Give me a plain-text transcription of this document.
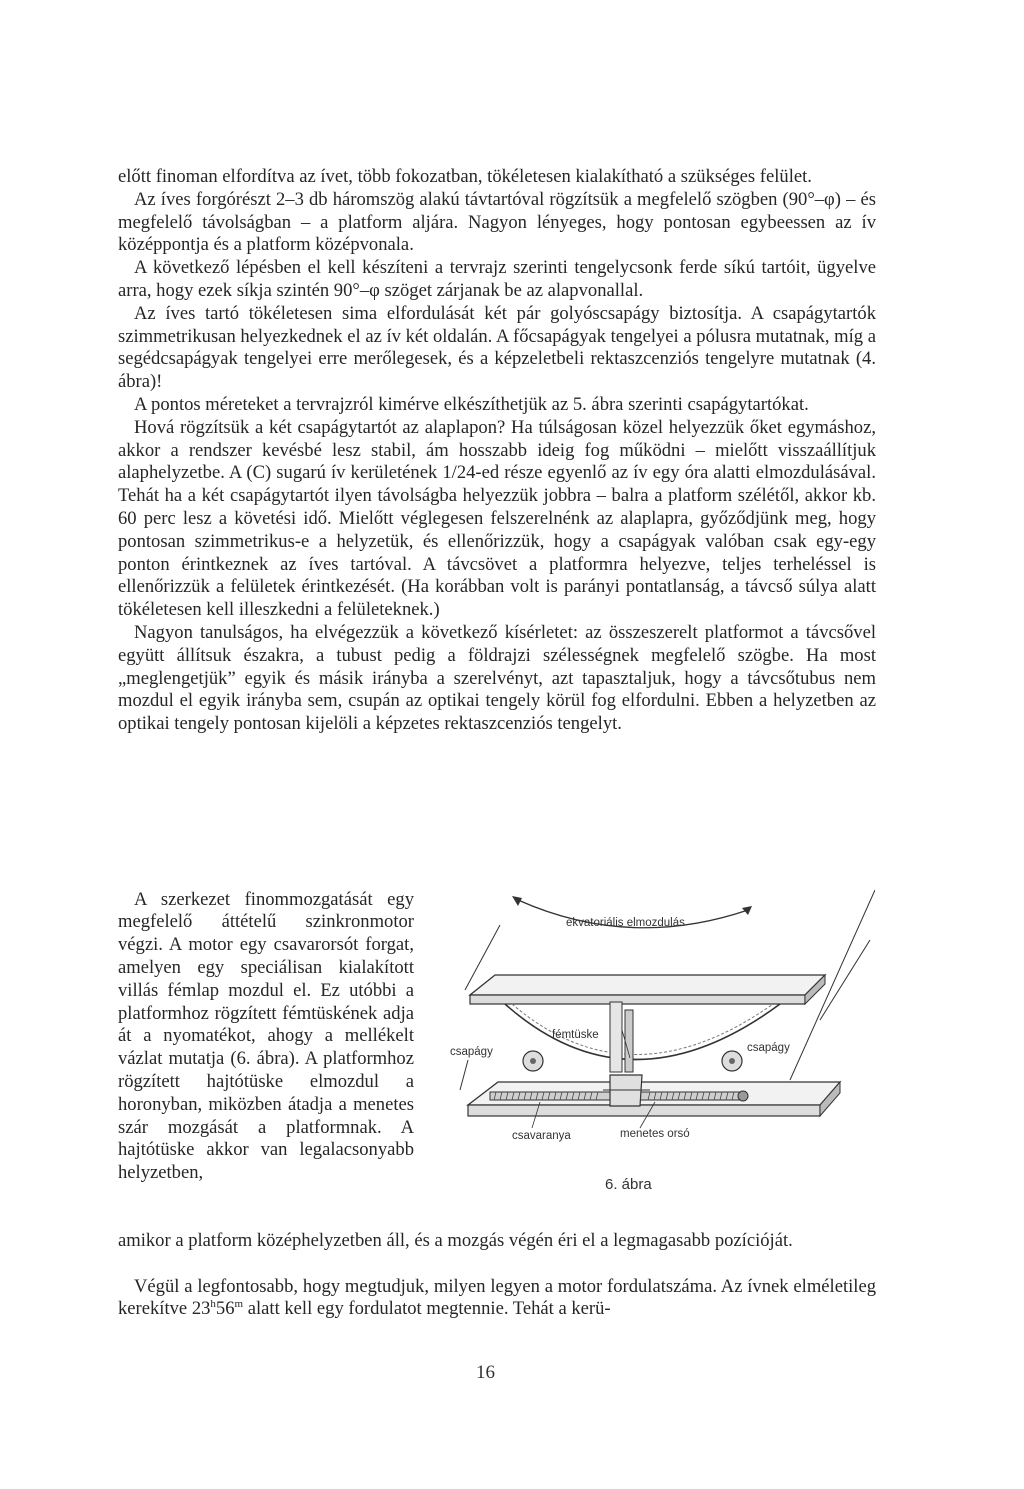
előtt finoman elfordítva az ívet, több fokozatban, tökéletesen kialakítható a szükséges felület.

Az íves forgórészt 2–3 db háromszög alakú távtartóval rögzítsük a megfelelő szögben (90°–φ) – és megfelelő távolságban – a platform aljára. Nagyon lényeges, hogy pontosan egybeessen az ív középpontja és a platform középvonala.

A következő lépésben el kell készíteni a tervrajz szerinti tengelycsonk ferde síkú tartóit, ügyelve arra, hogy ezek síkja szintén 90°–φ szöget zárjanak be az alapvonallal.

Az íves tartó tökéletesen sima elfordulását két pár golyóscsapágy biztosítja. A csapágytartók szimmetrikusan helyezkednek el az ív két oldalán. A főcsapágyak tengelyei a pólusra mutatnak, míg a segédcsapágyak tengelyei erre merőlegesek, és a képzeletbeli rektaszcenziós tengelyre mutatnak (4. ábra)!

A pontos méreteket a tervrajzról kimérve elkészíthetjük az 5. ábra szerinti csapágytartókat.

Hová rögzítsük a két csapágytartót az alaplapon? Ha túlságosan közel helyezzük őket egymáshoz, akkor a rendszer kevésbé lesz stabil, ám hosszabb ideig fog működni – mielőtt visszaállítjuk alaphelyzetbe. A (C) sugarú ív kerületének 1/24-ed része egyenlő az ív egy óra alatti elmozdulásával. Tehát ha a két csapágytartót ilyen távolságba helyezzük jobbra – balra a platform szélétől, akkor kb. 60 perc lesz a követési idő. Mielőtt véglegesen felszerelnénk az alaplapra, győződjünk meg, hogy pontosan szimmetrikus-e a helyzetük, és ellenőrizzük, hogy a csapágyak valóban csak egy-egy ponton érintkeznek az íves tartóval. A távcsövet a platformra helyezve, teljes terheléssel is ellenőrizzük a felületek érintkezését. (Ha korábban volt is parányi pontatlanság, a távcső súlya alatt tökéletesen kell illeszkedni a felületeknek.)

Nagyon tanulságos, ha elvégezzük a következő kísérletet: az összeszerelt platformot a távcsővel együtt állítsuk északra, a tubust pedig a földrajzi szélességnek megfelelő szögbe. Ha most „meglengetjük” egyik és másik irányba a szerelvényt, azt tapasztaljuk, hogy a távcsőtubus nem mozdul el egyik irányba sem, csupán az optikai tengely körül fog elfordulni. Ebben a helyzetben az optikai tengely pontosan kijelöli a képzetes rektaszcenziós tengelyt.

A szerkezet finommozgatását egy megfelelő áttételű szinkronmotor végzi. A motor egy csavarorsót forgat, amelyen egy speciálisan kialakított villás fémlap mozdul el. Ez utóbbi a platformhoz rögzített fémtüskének adja át a nyomatékot, ahogy a mellékelt vázlat mutatja (6. ábra). A platformhoz rögzített hajtótüske elmozdul a horonyban, miközben átadja a menetes szár mozgását a platformnak. A hajtótüske akkor van legalacsonyabb helyzetben,

amikor a platform középhelyzetben áll, és a mozgás végén éri el a legmagasabb pozícióját.

Végül a legfontosabb, hogy megtudjuk, milyen legyen a motor fordulatszáma. Az ívnek elméletileg kerekítve 23$^h$56$^m$ alatt kell egy fordulatot megtennie. Tehát a kerü-

ekvatoriális elmozdulás
fémtüske
csapágy	csapágy
csavaranya	menetes orsó
6. ábra
16
